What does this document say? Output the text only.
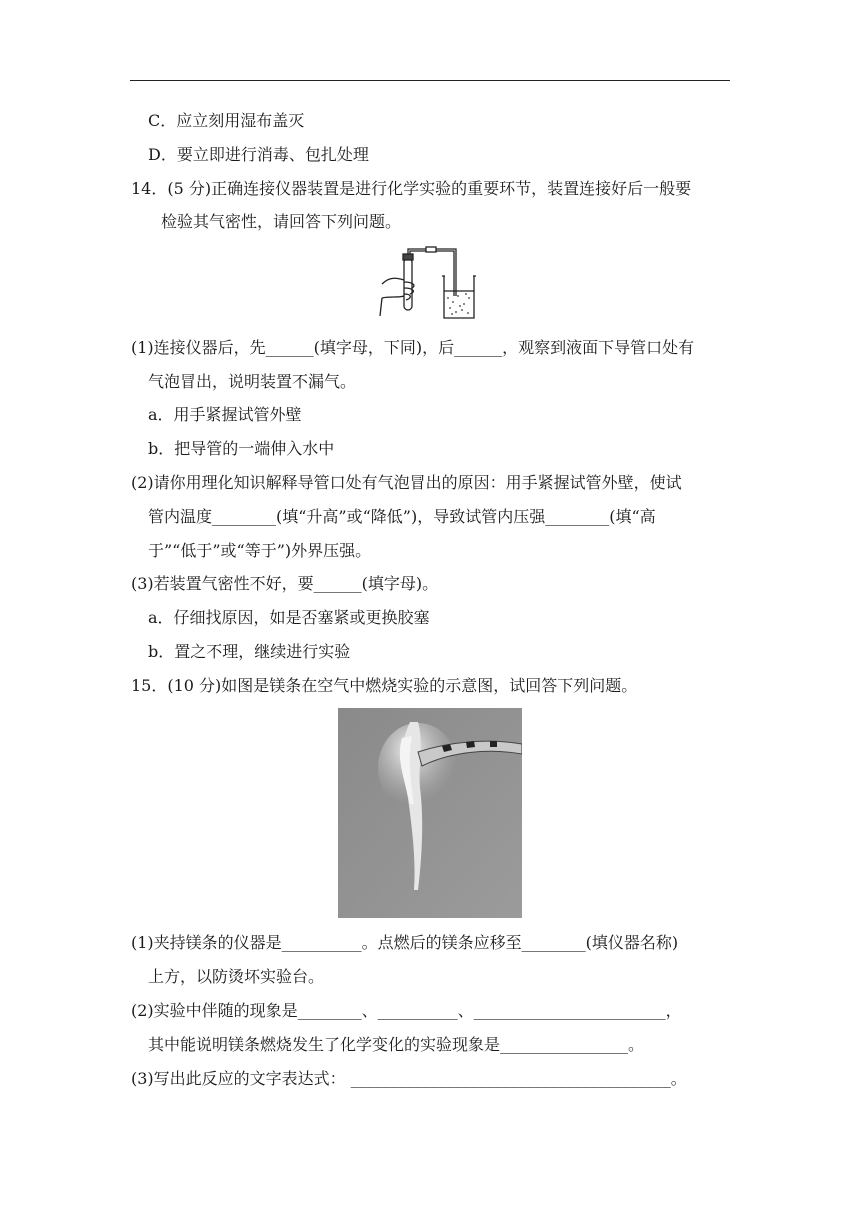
C．应立刻用湿布盖灭
D．要立即进行消毒、包扎处理
14．(5 分)正确连接仪器装置是进行化学实验的重要环节，装置连接好后一般要
检验其气密性，请回答下列问题。
(1)连接仪器后，先______(填字母，下同)，后______，观察到液面下导管口处有
气泡冒出，说明装置不漏气。
a．用手紧握试管外壁
b．把导管的一端伸入水中
(2)请你用理化知识解释导管口处有气泡冒出的原因：用手紧握试管外壁，使试
管内温度________(填“升高”或“降低”)，导致试管内压强________(填“高
于”“低于”或“等于”)外界压强。
(3)若装置气密性不好，要______(填字母)。
a．仔细找原因，如是否塞紧或更换胶塞
b．置之不理，继续进行实验
15．(10 分)如图是镁条在空气中燃烧实验的示意图，试回答下列问题。
(1)夹持镁条的仪器是__________。点燃后的镁条应移至________(填仪器名称)
上方，以防烫坏实验台。
(2)实验中伴随的现象是________、__________、________________________，
其中能说明镁条燃烧发生了化学变化的实验现象是________________。
(3)写出此反应的文字表达式： ________________________________________。
